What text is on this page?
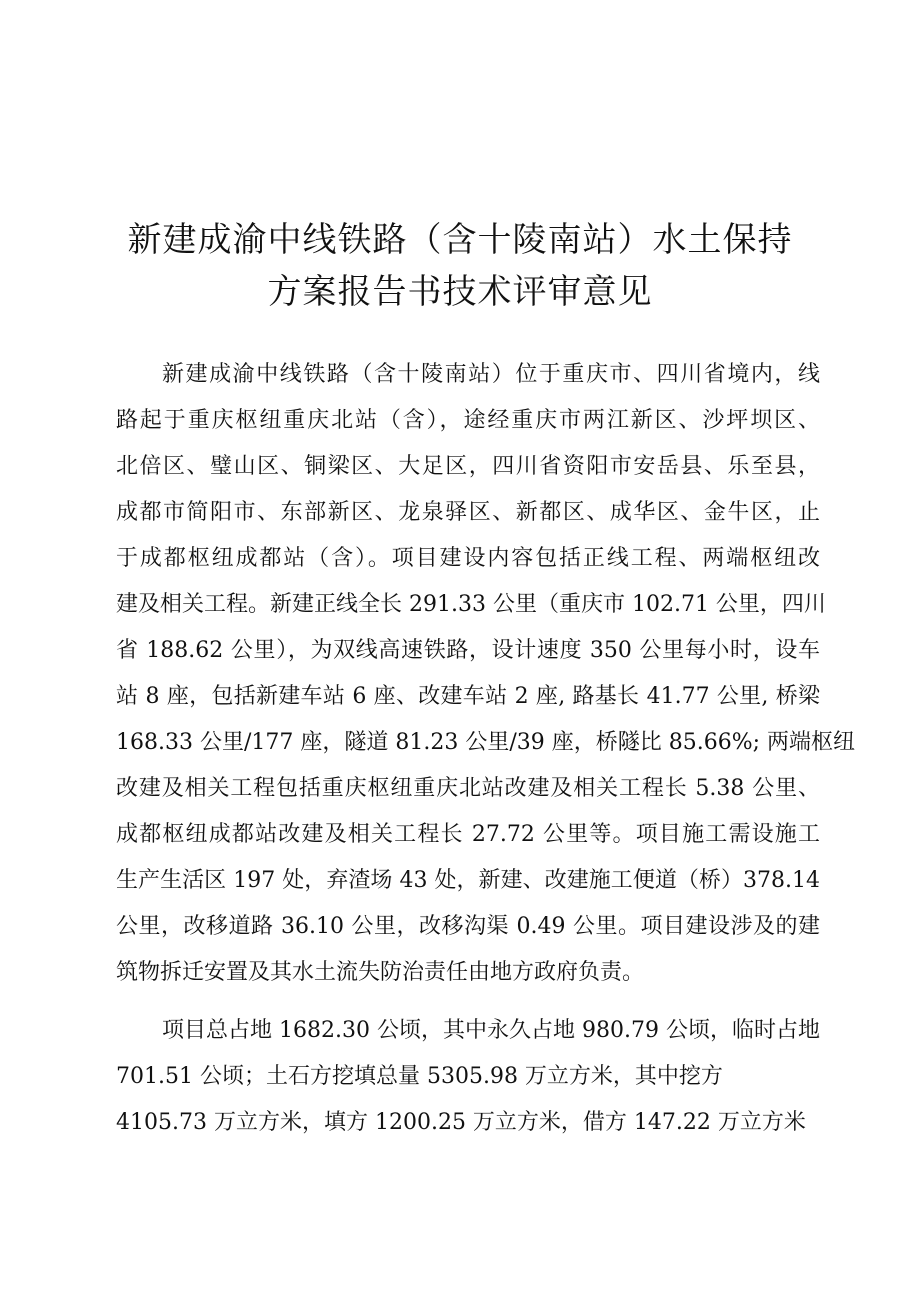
新建成渝中线铁路（含十陵南站）水土保持
方案报告书技术评审意见

新建成渝中线铁路（含十陵南站）位于重庆市、四川省境内，线
路起于重庆枢纽重庆北站（含），途经重庆市两江新区、沙坪坝区、
北倍区、璧山区、铜梁区、大足区，四川省资阳市安岳县、乐至县，
成都市简阳市、东部新区、龙泉驿区、新都区、成华区、金牛区，止
于成都枢纽成都站（含）。项目建设内容包括正线工程、两端枢纽改
建及相关工程。新建正线全长 291.33 公里（重庆市 102.71 公里，四川
省 188.62 公里），为双线高速铁路，设计速度 350 公里每小时，设车
站 8 座，包括新建车站 6 座、改建车站 2 座, 路基长 41.77 公里, 桥梁
168.33 公里/177 座，隧道 81.23 公里/39 座，桥隧比 85.66%; 两端枢纽
改建及相关工程包括重庆枢纽重庆北站改建及相关工程长 5.38 公里、
成都枢纽成都站改建及相关工程长 27.72 公里等。项目施工需设施工
生产生活区 197 处，弃渣场 43 处，新建、改建施工便道（桥）378.14
公里，改移道路 36.10 公里，改移沟渠 0.49 公里。项目建设涉及的建
筑物拆迁安置及其水土流失防治责任由地方政府负责。

项目总占地 1682.30 公顷，其中永久占地 980.79 公顷，临时占地
701.51 公顷；土石方挖填总量 5305.98 万立方米，其中挖方
4105.73 万立方米，填方 1200.25 万立方米，借方 147.22 万立方米
